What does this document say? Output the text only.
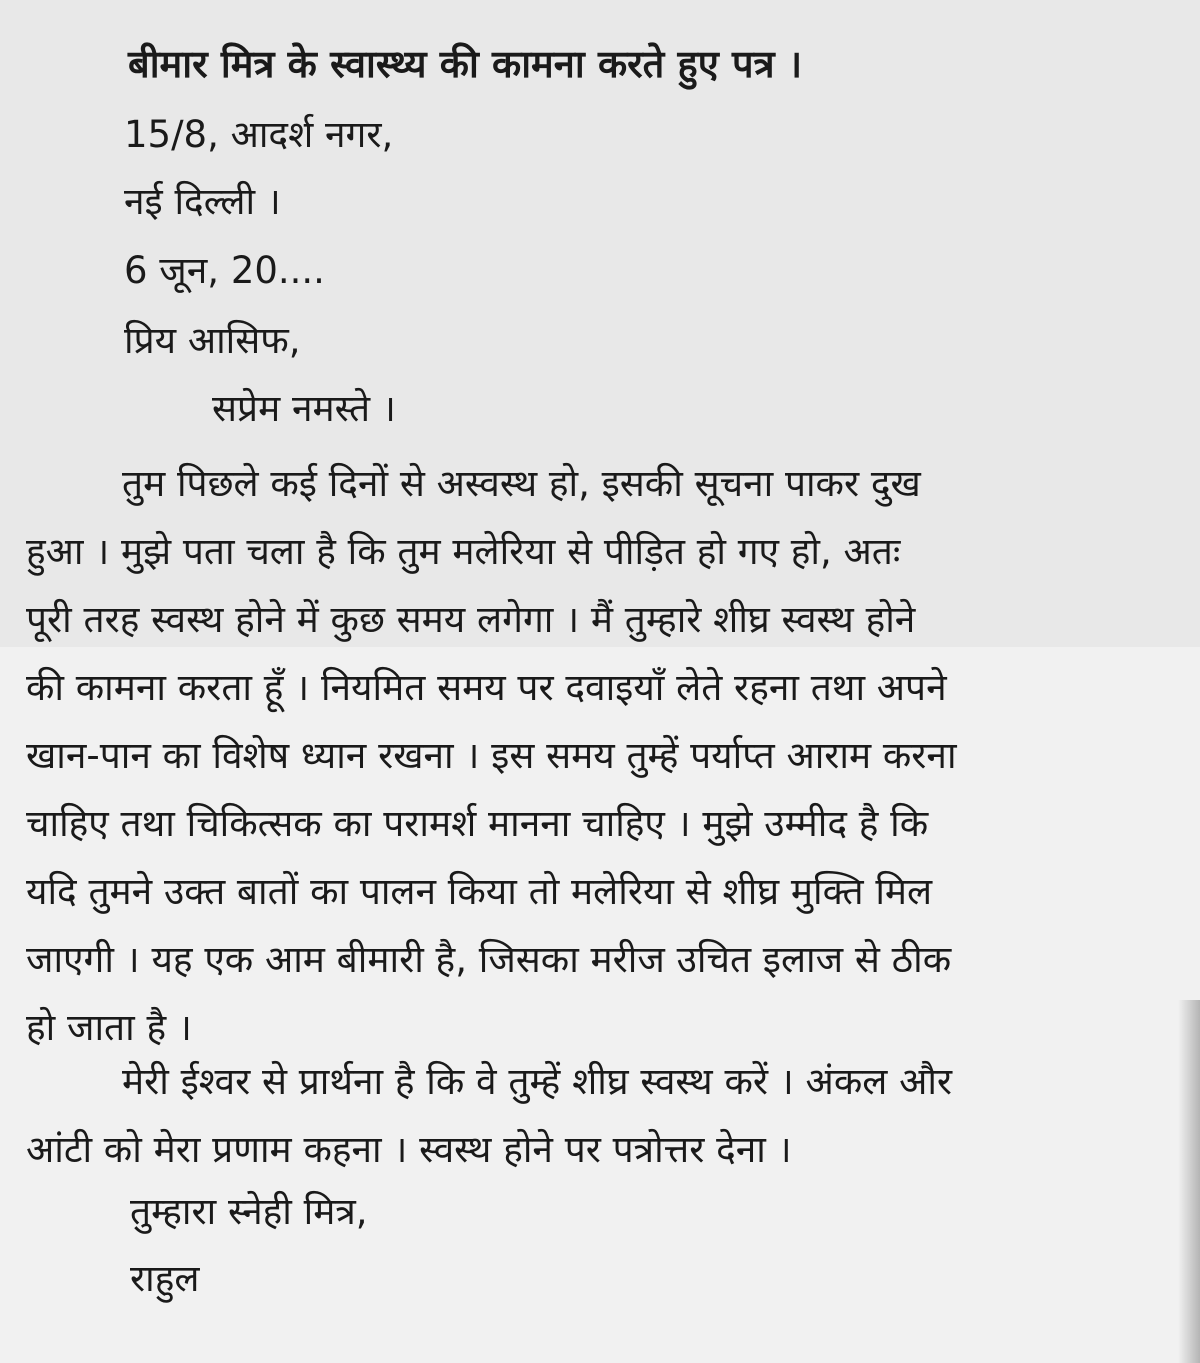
बीमार मित्र के स्वास्थ्य की कामना करते हुए पत्र ।
15/8, आदर्श नगर,
नई दिल्ली ।
6 जून, 20....
प्रिय आसिफ,
सप्रेम नमस्ते ।
तुम पिछले कई दिनों से अस्वस्थ हो, इसकी सूचना पाकर दुख
हुआ । मुझे पता चला है कि तुम मलेरिया से पीड़ित हो गए हो, अतः
पूरी तरह स्वस्थ होने में कुछ समय लगेगा । मैं तुम्हारे शीघ्र स्वस्थ होने
की कामना करता हूँ । नियमित समय पर दवाइयाँ लेते रहना तथा अपने
खान-पान का विशेष ध्यान रखना । इस समय तुम्हें पर्याप्त आराम करना
चाहिए तथा चिकित्सक का परामर्श मानना चाहिए । मुझे उम्मीद है कि
यदि तुमने उक्त बातों का पालन किया तो मलेरिया से शीघ्र मुक्ति मिल
जाएगी । यह एक आम बीमारी है, जिसका मरीज उचित इलाज से ठीक
हो जाता है ।
मेरी ईश्वर से प्रार्थना है कि वे तुम्हें शीघ्र स्वस्थ करें । अंकल और
आंटी को मेरा प्रणाम कहना । स्वस्थ होने पर पत्रोत्तर देना ।
तुम्हारा स्नेही मित्र,
राहुल
